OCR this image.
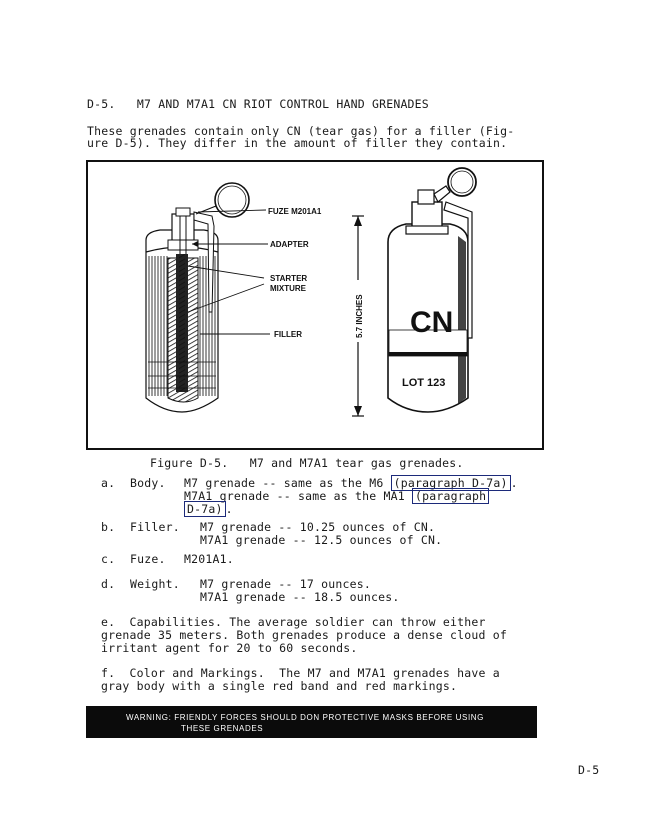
D-5.   M7 AND M7A1 CN RIOT CONTROL HAND GRENADES
These grenades contain only CN (tear gas) for a filler (Fig-
ure D-5). They differ in the amount of filler they contain.
FUZE M201A1
ADAPTER
STARTER
MIXTURE
FILLER	5.7 INCHES CN
LOT 123
Figure D-5.   M7 and M7A1 tear gas grenades.
a. Body. M7 grenade -- same as the M6 (paragraph D-7a) .
M7A1 grenade -- same as the MA1 (paragraph
D-7a) .
b. Filler. M7 grenade -- 10.25 ounces of CN.
M7A1 grenade -- 12.5 ounces of CN.
c. Fuze. M201A1.
d. Weight. M7 grenade -- 17 ounces.
M7A1 grenade -- 18.5 ounces.
e.  Capabilities. The average soldier can throw either
grenade 35 meters. Both grenades produce a dense cloud of
irritant agent for 20 to 60 seconds.
f.  Color and Markings.  The M7 and M7A1 grenades have a
gray body with a single red band and red markings.
WARNING: FRIENDLY FORCES SHOULD DON PROTECTIVE MASKS BEFORE USING
THESE GRENADES
D-5
